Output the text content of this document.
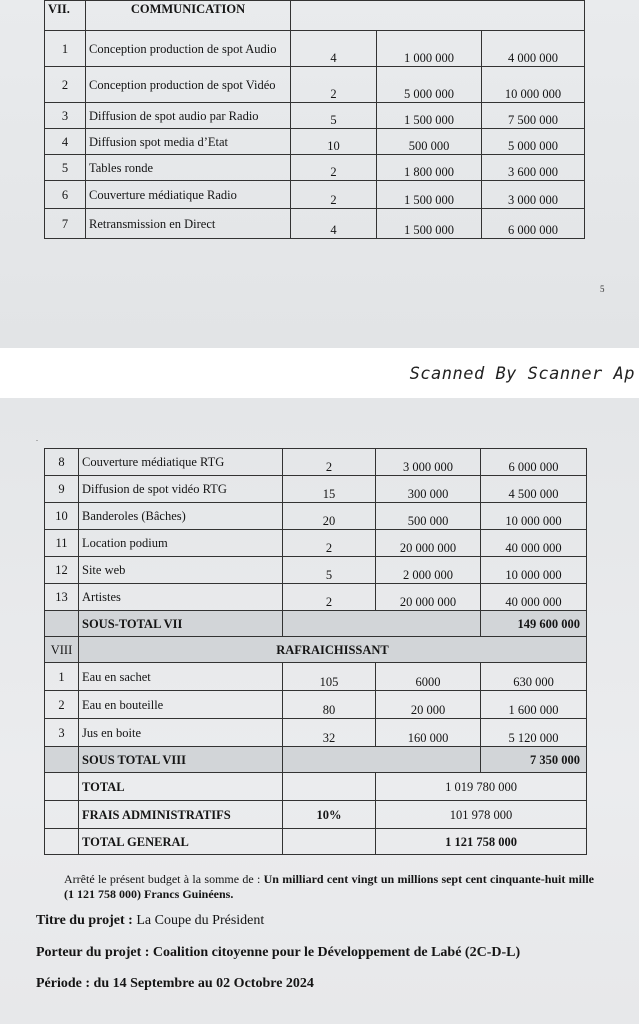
VII.	COMMUNICATION			
1	Conception production de spot Audio	4	1 000 000	4 000 000
2	Conception production de spot Vidéo	2	5 000 000	10 000 000
3	Diffusion de spot audio par Radio	5	1 500 000	7 500 000
4	Diffusion spot media d’Etat	10	500 000	5 000 000
5	Tables ronde	2	1 800 000	3 600 000
6	Couverture médiatique Radio	2	1 500 000	3 000 000
7	Retransmission en Direct	4	1 500 000	6 000 000
5
Scanned By Scanner Ap
.
8	Couverture médiatique RTG	2	3 000 000	6 000 000
9	Diffusion de spot vidéo RTG	15	300 000	4 500 000
10	Banderoles (Bâches)	20	500 000	10 000 000
11	Location podium	2	20 000 000	40 000 000
12	Site web	5	2 000 000	10 000 000
13	Artistes	2	20 000 000	40 000 000
	SOUS-TOTAL VII			149 600 000
VIII	RAFRAICHISSANT			
1	Eau en sachet	105	6000	630 000
2	Eau en bouteille	80	20 000	1 600 000
3	Jus en boite	32	160 000	5 120 000
	SOUS TOTAL VIII			7 350 000
	TOTAL		1 019 780 000	
	FRAIS ADMINISTRATIFS	10%	101 978 000	
	TOTAL GENERAL		1 121 758 000	
Arrêté le présent budget à la somme de : Un milliard cent vingt un millions sept cent cinquante-huit mille (1 121 758 000) Francs Guinéens.
Titre du projet : La Coupe du Président
Porteur du projet : Coalition citoyenne pour le Développement de Labé (2C-D-L)
Période : du 14 Septembre au 02 Octobre 2024
